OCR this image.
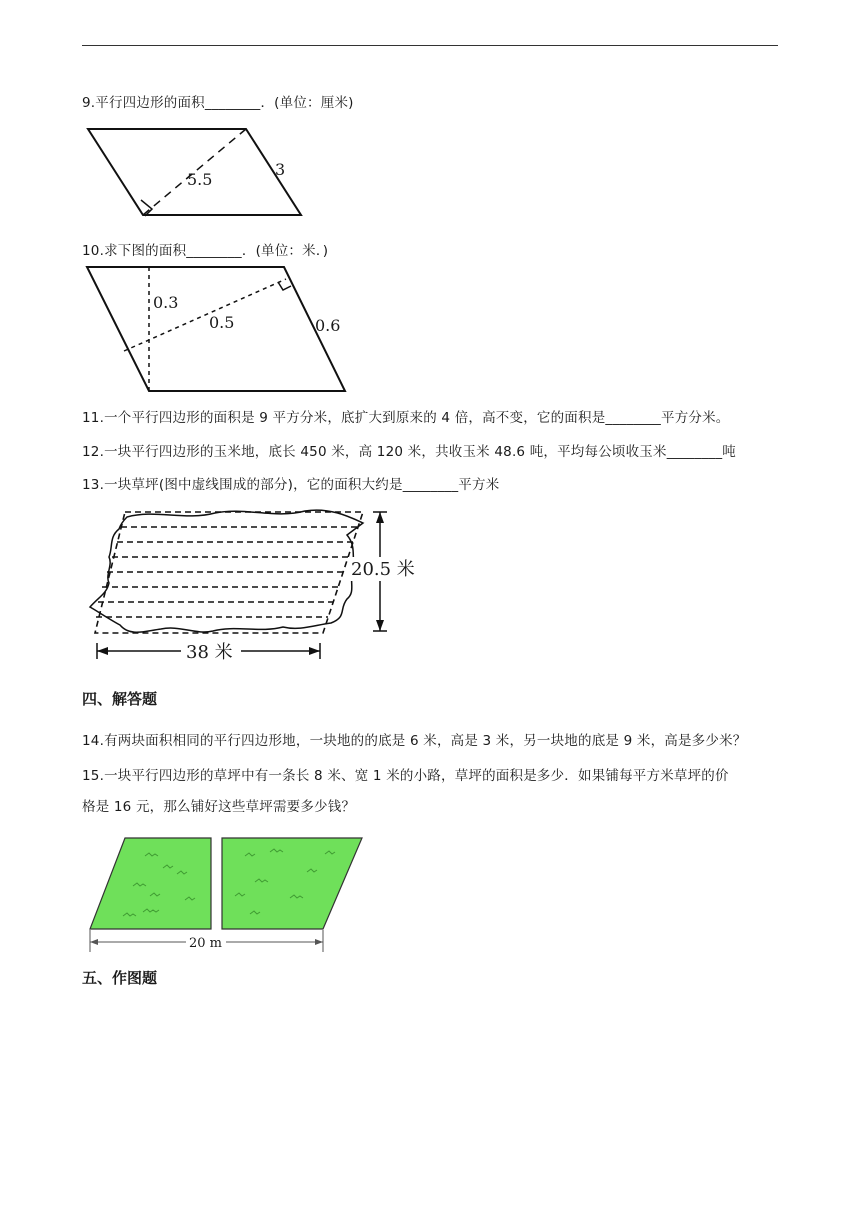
9.平行四边形的面积________．(单位：厘米)
5.5
3
10.求下图的面积________．(单位：米．)
0.3
0.5	0.6
11.一个平行四边形的面积是 9 平方分米，底扩大到原来的 4 倍，高不变，它的面积是________平方分米。
12.一块平行四边形的玉米地，底长 450 米，高 120 米，共收玉米 48.6 吨，平均每公顷收玉米________吨
13.一块草坪(图中虚线围成的部分)，它的面积大约是________平方米
20.5 米
38 米
四、解答题
14.有两块面积相同的平行四边形地，一块地的的底是 6 米，高是 3 米，另一块地的底是 9 米，高是多少米？
15.一块平行四边形的草坪中有一条长 8 米、宽 1 米的小路，草坪的面积是多少．如果铺每平方米草坪的价
格是 16 元，那么铺好这些草坪需要多少钱？
20 m
五、作图题
